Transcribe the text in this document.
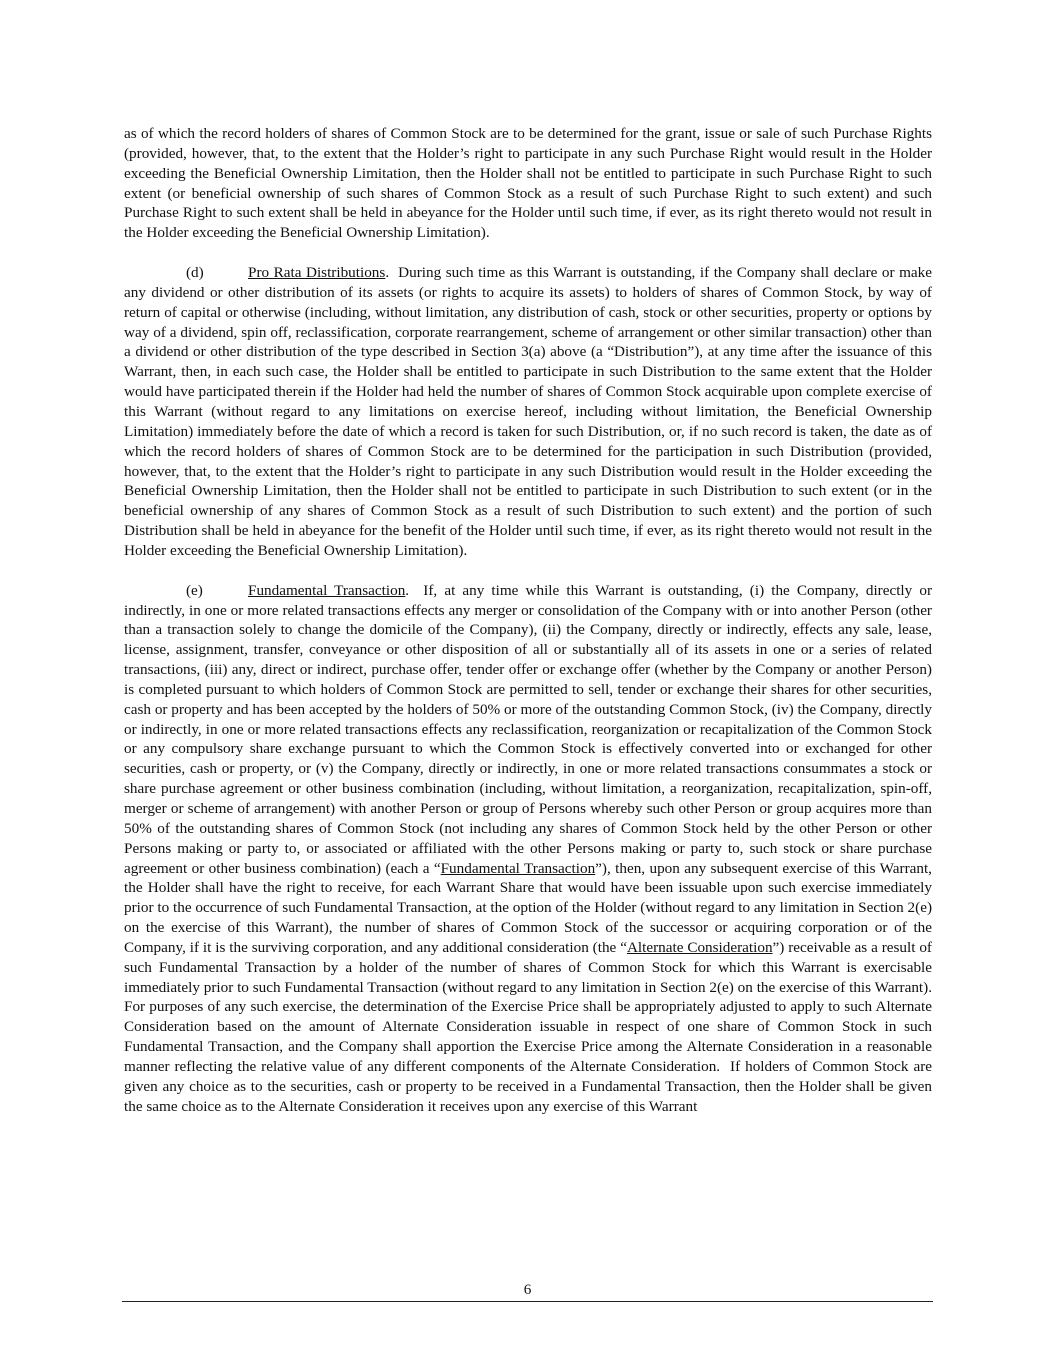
as of which the record holders of shares of Common Stock are to be determined for the grant, issue or sale of such Purchase Rights (provided, however, that, to the extent that the Holder’s right to participate in any such Purchase Right would result in the Holder exceeding the Beneficial Ownership Limitation, then the Holder shall not be entitled to participate in such Purchase Right to such extent (or beneficial ownership of such shares of Common Stock as a result of such Purchase Right to such extent) and such Purchase Right to such extent shall be held in abeyance for the Holder until such time, if ever, as its right thereto would not result in the Holder exceeding the Beneficial Ownership Limitation).

(d)	Pro Rata Distributions.  During such time as this Warrant is outstanding, if the Company shall declare or make any dividend or other distribution of its assets (or rights to acquire its assets) to holders of shares of Common Stock, by way of return of capital or otherwise (including, without limitation, any distribution of cash, stock or other securities, property or options by way of a dividend, spin off, reclassification, corporate rearrangement, scheme of arrangement or other similar transaction) other than a dividend or other distribution of the type described in Section 3(a) above (a “Distribution”), at any time after the issuance of this Warrant, then, in each such case, the Holder shall be entitled to participate in such Distribution to the same extent that the Holder would have participated therein if the Holder had held the number of shares of Common Stock acquirable upon complete exercise of this Warrant (without regard to any limitations on exercise hereof, including without limitation, the Beneficial Ownership Limitation) immediately before the date of which a record is taken for such Distribution, or, if no such record is taken, the date as of which the record holders of shares of Common Stock are to be determined for the participation in such Distribution (provided, however, that, to the extent that the Holder’s right to participate in any such Distribution would result in the Holder exceeding the Beneficial Ownership Limitation, then the Holder shall not be entitled to participate in such Distribution to such extent (or in the beneficial ownership of any shares of Common Stock as a result of such Distribution to such extent) and the portion of such Distribution shall be held in abeyance for the benefit of the Holder until such time, if ever, as its right thereto would not result in the Holder exceeding the Beneficial Ownership Limitation).

(e)	Fundamental Transaction.  If, at any time while this Warrant is outstanding, (i) the Company, directly or indirectly, in one or more related transactions effects any merger or consolidation of the Company with or into another Person (other than a transaction solely to change the domicile of the Company), (ii) the Company, directly or indirectly, effects any sale, lease, license, assignment, transfer, conveyance or other disposition of all or substantially all of its assets in one or a series of related transactions, (iii) any, direct or indirect, purchase offer, tender offer or exchange offer (whether by the Company or another Person) is completed pursuant to which holders of Common Stock are permitted to sell, tender or exchange their shares for other securities, cash or property and has been accepted by the holders of 50% or more of the outstanding Common Stock, (iv) the Company, directly or indirectly, in one or more related transactions effects any reclassification, reorganization or recapitalization of the Common Stock or any compulsory share exchange pursuant to which the Common Stock is effectively converted into or exchanged for other securities, cash or property, or (v) the Company, directly or indirectly, in one or more related transactions consummates a stock or share purchase agreement or other business combination (including, without limitation, a reorganization, recapitalization, spin-off, merger or scheme of arrangement) with another Person or group of Persons whereby such other Person or group acquires more than 50% of the outstanding shares of Common Stock (not including any shares of Common Stock held by the other Person or other Persons making or party to, or associated or affiliated with the other Persons making or party to, such stock or share purchase agreement or other business combination) (each a “Fundamental Transaction”), then, upon any subsequent exercise of this Warrant, the Holder shall have the right to receive, for each Warrant Share that would have been issuable upon such exercise immediately prior to the occurrence of such Fundamental Transaction, at the option of the Holder (without regard to any limitation in Section 2(e) on the exercise of this Warrant), the number of shares of Common Stock of the successor or acquiring corporation or of the Company, if it is the surviving corporation, and any additional consideration (the “Alternate Consideration”) receivable as a result of such Fundamental Transaction by a holder of the number of shares of Common Stock for which this Warrant is exercisable immediately prior to such Fundamental Transaction (without regard to any limitation in Section 2(e) on the exercise of this Warrant).  For purposes of any such exercise, the determination of the Exercise Price shall be appropriately adjusted to apply to such Alternate Consideration based on the amount of Alternate Consideration issuable in respect of one share of Common Stock in such Fundamental Transaction, and the Company shall apportion the Exercise Price among the Alternate Consideration in a reasonable manner reflecting the relative value of any different components of the Alternate Consideration.  If holders of Common Stock are given any choice as to the securities, cash or property to be received in a Fundamental Transaction, then the Holder shall be given the same choice as to the Alternate Consideration it receives upon any exercise of this Warrant

6
